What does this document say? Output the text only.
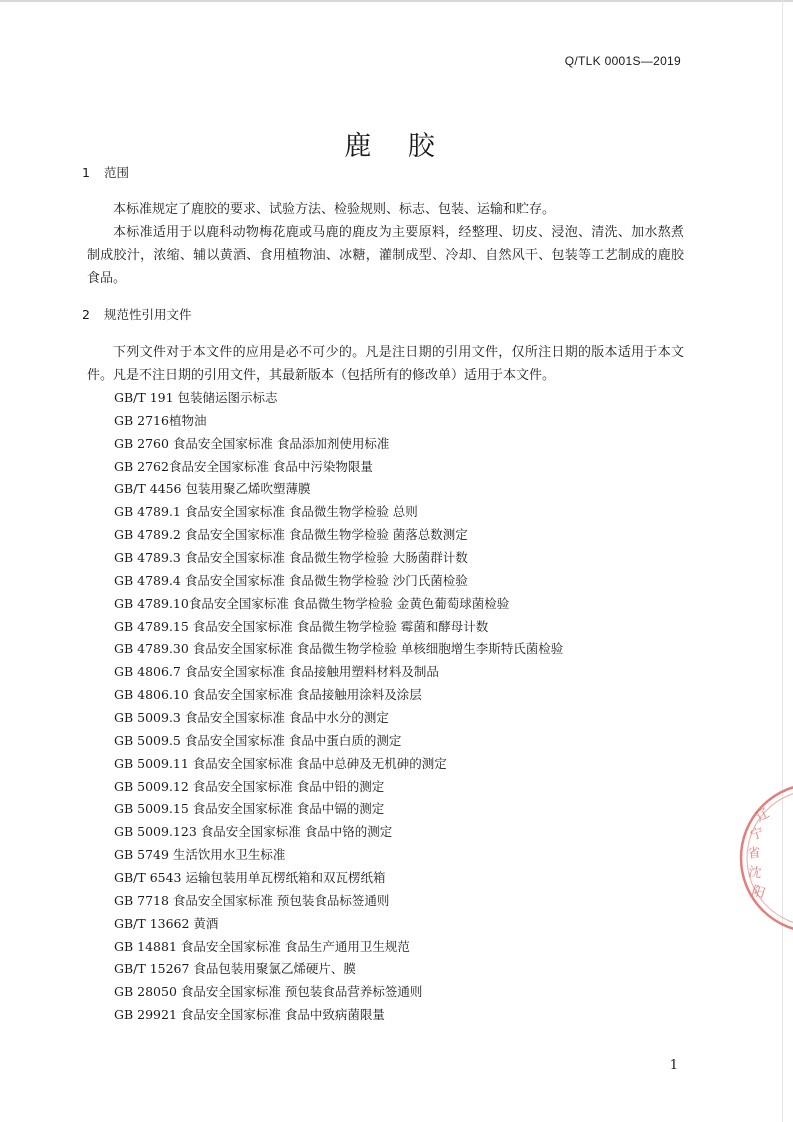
Q/TLK 0001S—2019
鹿 胶
1 范围

本标准规定了鹿胶的要求、试验方法、检验规则、标志、包装、运输和贮存。

本标准适用于以鹿科动物梅花鹿或马鹿的鹿皮为主要原料，经整理、切皮、浸泡、清洗、加水熬煮制成胶汁，浓缩、辅以黄酒、食用植物油、冰糖，灌制成型、冷却、自然风干、包装等工艺制成的鹿胶食品。

2 规范性引用文件

下列文件对于本文件的应用是必不可少的。凡是注日期的引用文件，仅所注日期的版本适用于本文件。凡是不注日期的引用文件，其最新版本（包括所有的修改单）适用于本文件。

GB/T 191 包装储运图示标志
GB 2716植物油
GB 2760 食品安全国家标准 食品添加剂使用标准
GB 2762食品安全国家标准 食品中污染物限量
GB/T 4456 包装用聚乙烯吹塑薄膜
GB 4789.1 食品安全国家标准 食品微生物学检验 总则
GB 4789.2 食品安全国家标准 食品微生物学检验 菌落总数测定
GB 4789.3 食品安全国家标准 食品微生物学检验 大肠菌群计数
GB 4789.4 食品安全国家标准 食品微生物学检验 沙门氏菌检验
GB 4789.10食品安全国家标准 食品微生物学检验 金黄色葡萄球菌检验
GB 4789.15 食品安全国家标准 食品微生物学检验 霉菌和酵母计数
GB 4789.30 食品安全国家标准 食品微生物学检验 单核细胞增生李斯特氏菌检验
GB 4806.7 食品安全国家标准 食品接触用塑料材料及制品
GB 4806.10 食品安全国家标准 食品接触用涂料及涂层
GB 5009.3 食品安全国家标准 食品中水分的测定
GB 5009.5 食品安全国家标准 食品中蛋白质的测定
GB 5009.11 食品安全国家标准 食品中总砷及无机砷的测定
GB 5009.12 食品安全国家标准 食品中铅的测定
GB 5009.15 食品安全国家标准 食品中镉的测定
GB 5009.123 食品安全国家标准 食品中铬的测定
GB 5749 生活饮用水卫生标准
GB/T 6543 运输包装用单瓦楞纸箱和双瓦楞纸箱
GB 7718 食品安全国家标准 预包装食品标签通则
GB/T 13662 黄酒
GB 14881 食品安全国家标准 食品生产通用卫生规范
GB/T 15267 食品包装用聚氯乙烯硬片、膜
GB 28050 食品安全国家标准 预包装食品营养标签通则
GB 29921 食品安全国家标准 食品中致病菌限量
辽
宁
省
沈
阳
1
